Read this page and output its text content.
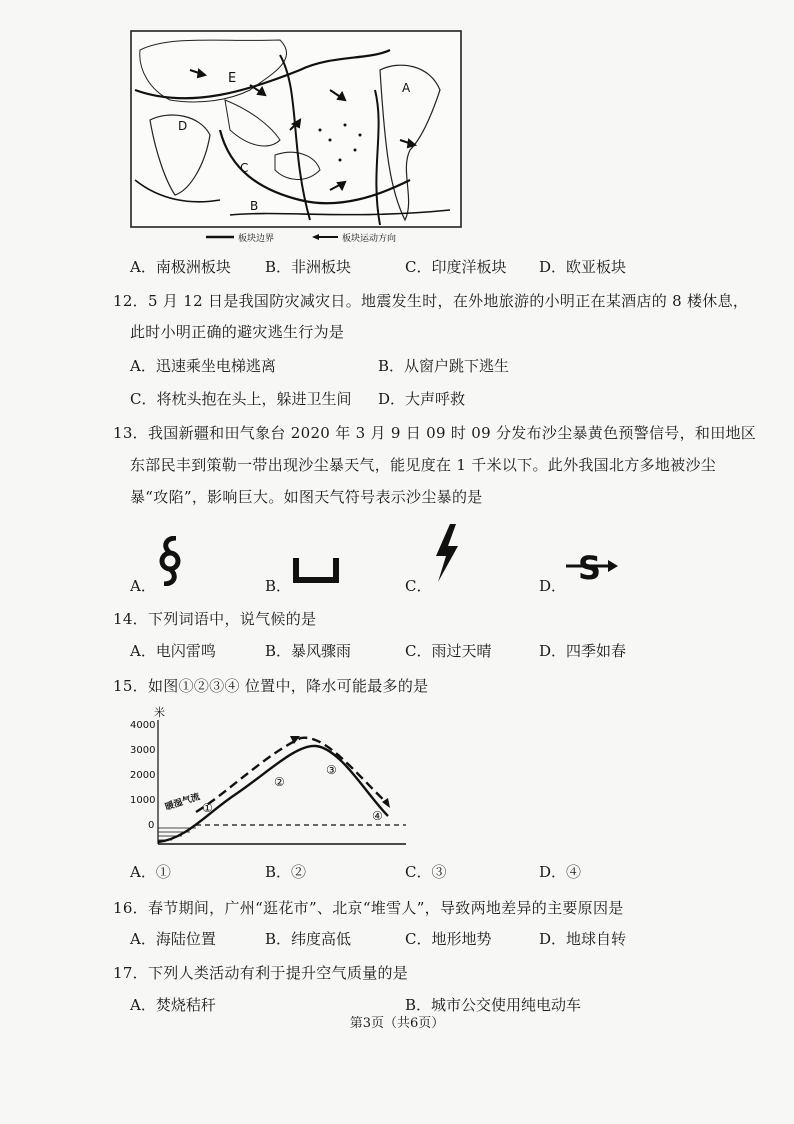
E
A
D
C
B
板块边界	板块运动方向
A．南极洲板块 B．非洲板块	C．印度洋板块 D．欧亚板块
12．5 月 12 日是我国防灾减灾日。地震发生时，在外地旅游的小明正在某酒店的 8 楼休息，
此时小明正确的避灾逃生行为是
A．迅速乘坐电梯逃离	B．从窗户跳下逃生
C．将枕头抱在头上，躲进卫生间 D．大声呼救
13．我国新疆和田气象台 2020 年 3 月 9 日 09 时 09 分发布沙尘暴黄色预警信号，和田地区
东部民丰到策勒一带出现沙尘暴天气，能见度在 1 千米以下。此外我国北方多地被沙尘
暴“攻陷”，影响巨大。如图天气符号表示沙尘暴的是
A．	B．	C．	D． S
14．下列词语中，说气候的是
A．电闪雷鸣	B．暴风骤雨	C．雨过天晴	D．四季如春
15．如图①②③④ 位置中，降水可能最多的是
米
4000
3000
2000
1000
0
暖湿气流 ①
②
③
④
A．①	B．②	C．③	D．④
16．春节期间，广州“逛花市”、北京“堆雪人”，导致两地差异的主要原因是
A．海陆位置	B．纬度高低	C．地形地势	D．地球自转
17．下列人类活动有利于提升空气质量的是
A．焚烧秸秆	B．城市公交使用纯电动车
第3页（共6页）
